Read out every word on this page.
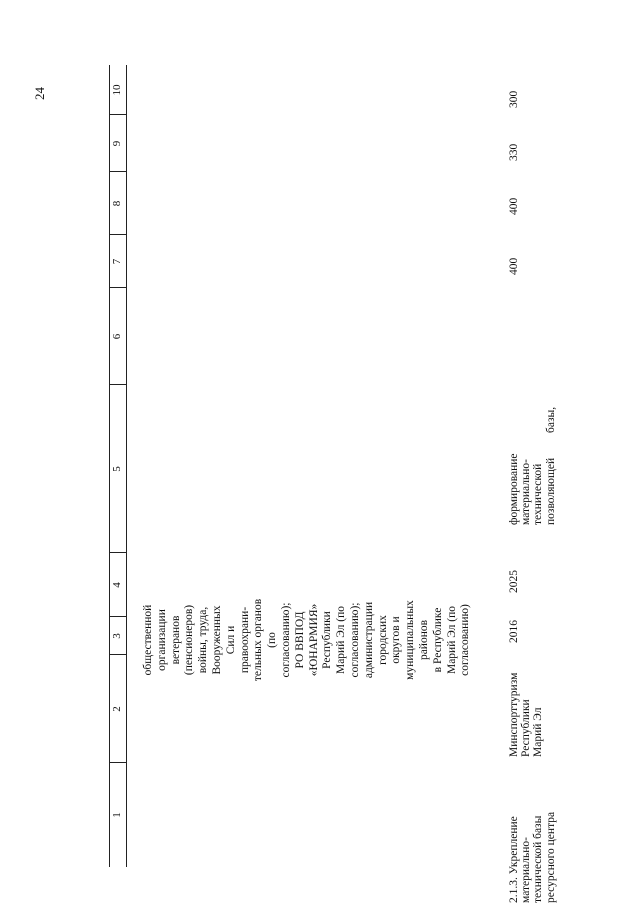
24
1
2
3
4
5
6
7
8
9
10
общественной
организации
ветеранов
(пенсионеров)
войны, труда,
Вооруженных
Сил и
правоохрани-
тельных органов
(по
согласованию);
РО ВВПОД
«ЮНАРМИЯ»
Республики
Марий Эл (по
согласованию);
администрации
городских
округов и
муниципальных
районов
в Республике
Марий Эл (по
согласованию)
2.1.3. Укрепление
материально-
технической базы
ресурсного центра
Минспорттуризм
Республики
Марий Эл
2016
2025
формирование
материально-
технической
позволяющей
базы,
400
400
330
300
